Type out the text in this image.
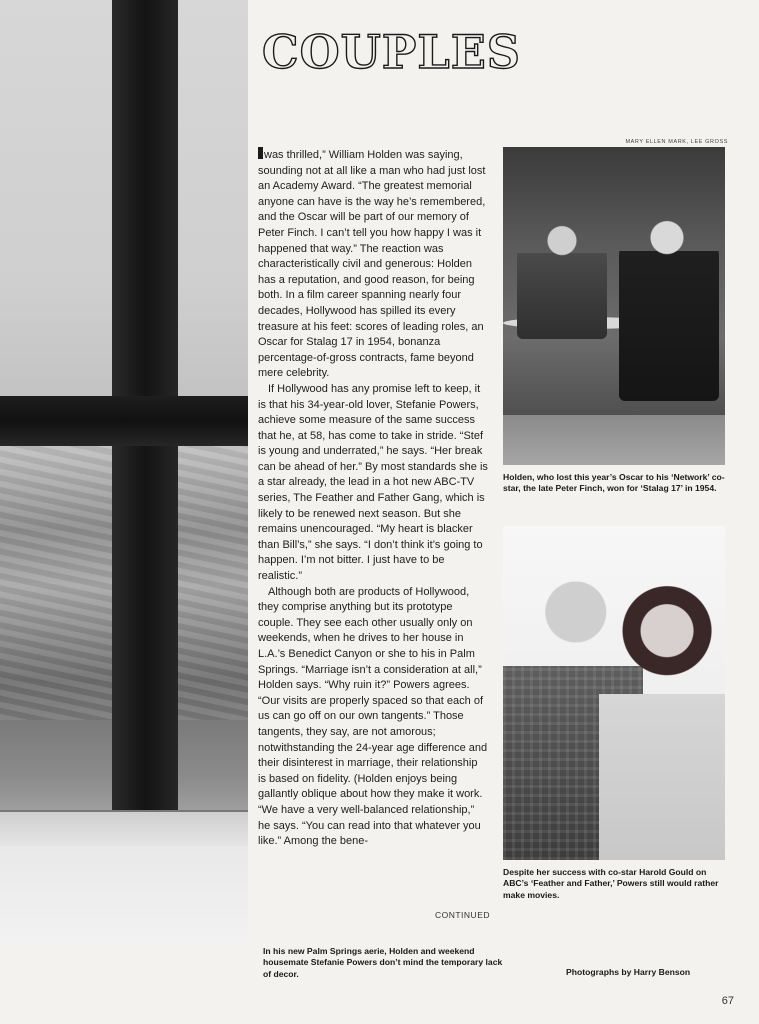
COUPLES
MARY ELLEN MARK, LEE GROSS

was thrilled,” William Holden was saying, sounding not at all like a man who had just lost an Academy Award. “The greatest memorial anyone can have is the way he’s remembered, and the Oscar will be part of our memory of Peter Finch. I can’t tell you how happy I was it happened that way.” The reaction was characteristically civil and generous: Holden has a reputation, and good reason, for being both. In a film career spanning nearly four decades, Hollywood has spilled its every treasure at his feet: scores of leading roles, an Oscar for Stalag 17 in 1954, bonanza percentage-of-gross contracts, fame beyond mere celebrity.

If Hollywood has any promise left to keep, it is that his 34-year-old lover, Stefanie Powers, achieve some measure of the same success that he, at 58, has come to take in stride. “Stef is young and underrated,” he says. “Her break can be ahead of her.” By most standards she is a star already, the lead in a hot new ABC-TV series, The Feather and Father Gang, which is likely to be renewed next season. But she remains unencouraged. “My heart is blacker than Bill’s,” she says. “I don’t think it’s going to happen. I’m not bitter. I just have to be realistic.”

Although both are products of Hollywood, they comprise anything but its prototype couple. They see each other usually only on weekends, when he drives to her house in L.A.’s Benedict Canyon or she to his in Palm Springs. “Marriage isn’t a consideration at all,” Holden says. “Why ruin it?” Powers agrees. “Our visits are properly spaced so that each of us can go off on our own tangents.” Those tangents, they say, are not amorous; notwithstanding the 24-year age difference and their disinterest in marriage, their relationship is based on fidelity. (Holden enjoys being gallantly oblique about how they make it work. “We have a very well-balanced relationship,” he says. “You can read into that whatever you like.” Among the bene-

CONTINUED
Holden, who lost this year’s Oscar to his ‘Network’ co-star, the late Peter Finch, won for ‘Stalag 17’ in 1954.
Despite her success with co-star Harold Gould on ABC’s ‘Feather and Father,’ Powers still would rather make movies.
In his new Palm Springs aerie, Holden and weekend housemate Stefanie Powers don’t mind the temporary lack of decor.	Photographs by Harry Benson
67
